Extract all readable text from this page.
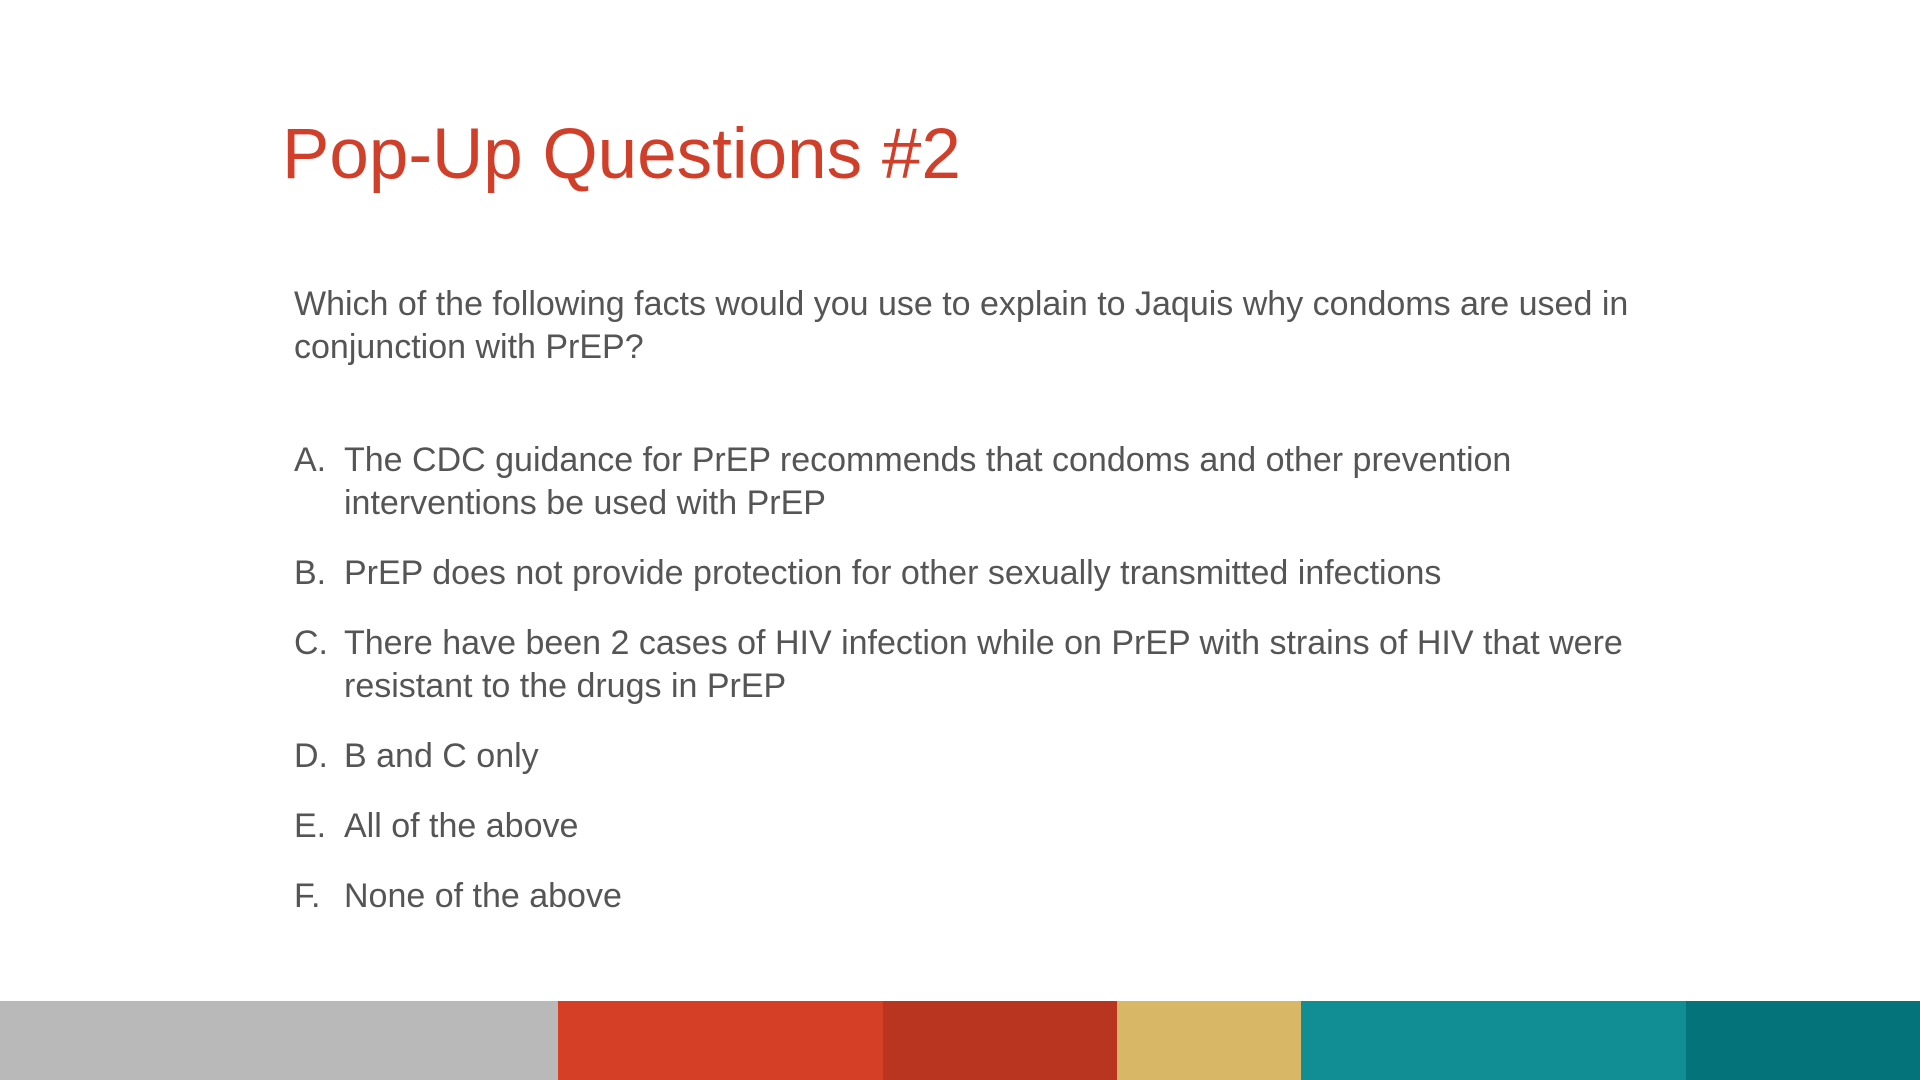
Pop-Up Questions #2

Which of the following facts would you use to explain to Jaquis why condoms are used in conjunction with PrEP?

A. The CDC guidance for PrEP recommends that condoms and other prevention interventions be used with PrEP
B. PrEP does not provide protection for other sexually transmitted infections
C. There have been 2 cases of HIV infection while on PrEP with strains of HIV that were resistant to the drugs in PrEP
D. B and C only
E. All of the above
F. None of the above
